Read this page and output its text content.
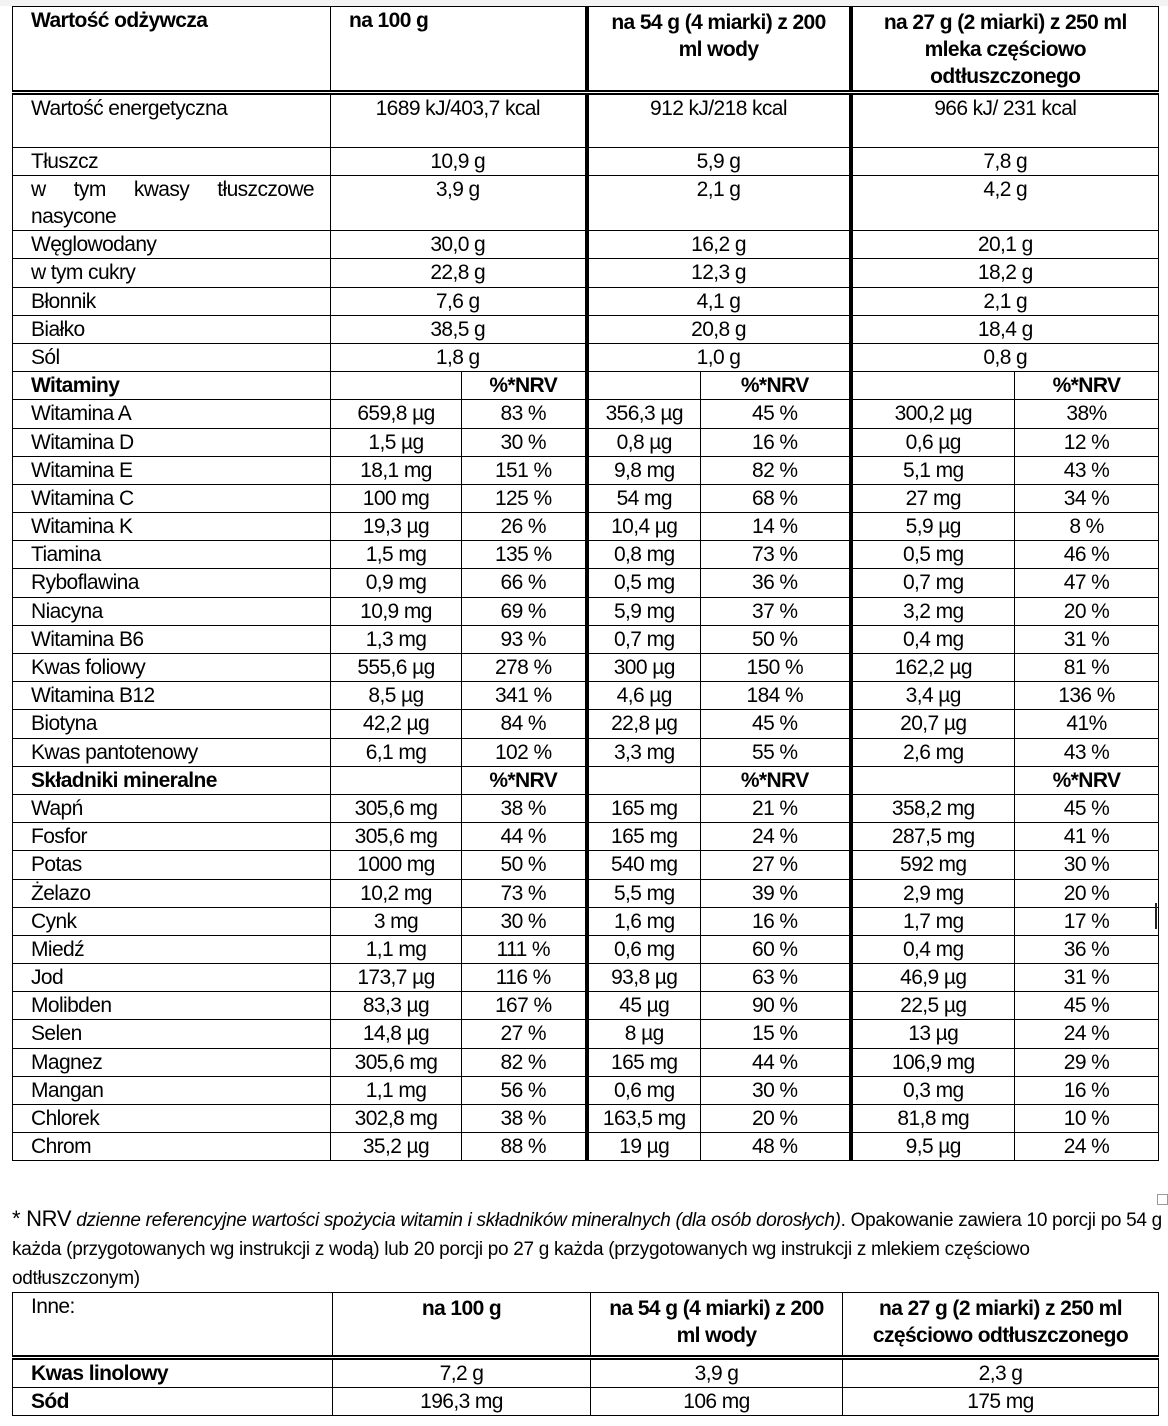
Wartość odżywcza	na 100 g		na 54 g (4 miarki) z 200 ml wody		na 27 g (2 miarki) z 250 ml mleka częściowo odtłuszczonego	
Wartość energetyczna	1689 kJ/403,7 kcal		912 kJ/218 kcal		966 kJ/ 231 kcal	
Tłuszcz	10,9 g		5,9 g		7,8 g	
w tym kwasy tłuszczowe nasycone	3,9 g		2,1 g		4,2 g	
Węglowodany	30,0 g		16,2 g		20,1 g	
w tym cukry	22,8 g		12,3 g		18,2 g	
Błonnik	7,6 g		4,1 g		2,1 g	
Białko	38,5 g		20,8 g		18,4 g	
Sól	1,8 g		1,0 g		0,8 g	
Witaminy		%*NRV		%*NRV		%*NRV
Witamina A	659,8 µg	83 %	356,3 µg	45 %	300,2 µg	38%
Witamina D	1,5 µg	30 %	0,8 µg	16 %	0,6 µg	12 %
Witamina E	18,1 mg	151 %	9,8 mg	82 %	5,1 mg	43 %
Witamina C	100 mg	125 %	54 mg	68 %	27 mg	34 %
Witamina K	19,3 µg	26 %	10,4 µg	14 %	5,9 µg	8 %
Tiamina	1,5 mg	135 %	0,8 mg	73 %	0,5 mg	46 %
Ryboflawina	0,9 mg	66 %	0,5 mg	36 %	0,7 mg	47 %
Niacyna	10,9 mg	69 %	5,9 mg	37 %	3,2 mg	20 %
Witamina B6	1,3 mg	93 %	0,7 mg	50 %	0,4 mg	31 %
Kwas foliowy	555,6 µg	278 %	300 µg	150 %	162,2 µg	81 %
Witamina B12	8,5 µg	341 %	4,6 µg	184 %	3,4 µg	136 %
Biotyna	42,2 µg	84 %	22,8 µg	45 %	20,7 µg	41%
Kwas pantotenowy	6,1 mg	102 %	3,3 mg	55 %	2,6 mg	43 %
Składniki mineralne		%*NRV		%*NRV		%*NRV
Wapń	305,6 mg	38 %	165 mg	21 %	358,2 mg	45 %
Fosfor	305,6 mg	44 %	165 mg	24 %	287,5 mg	41 %
Potas	1000 mg	50 %	540 mg	27 %	592 mg	30 %
Żelazo	10,2 mg	73 %	5,5 mg	39 %	2,9 mg	20 %
Cynk	3 mg	30 %	1,6 mg	16 %	1,7 mg	17 %
Miedź	1,1 mg	111 %	0,6 mg	60 %	0,4 mg	36 %
Jod	173,7 µg	116 %	93,8 µg	63 %	46,9 µg	31 %
Molibden	83,3 µg	167 %	45 µg	90 %	22,5 µg	45 %
Selen	14,8 µg	27 %	8 µg	15 %	13 µg	24 %
Magnez	305,6 mg	82 %	165 mg	44 %	106,9 mg	29 %
Mangan	1,1 mg	56 %	0,6 mg	30 %	0,3 mg	16 %
Chlorek	302,8 mg	38 %	163,5 mg	20 %	81,8 mg	10 %
Chrom	35,2 µg	88 %	19 µg	48 %	9,5 µg	24 %
* NRV dzienne referencyjne wartości spożycia witamin i składników mineralnych (dla osób dorosłych). Opakowanie zawiera 10 porcji po 54 g każda (przygotowanych wg instrukcji z wodą) lub 20 porcji po 27 g każda (przygotowanych wg instrukcji z mlekiem częściowo odtłuszczonym)
Inne:	na 100 g	na 54 g (4 miarki) z 200 ml wody	na 27 g (2 miarki) z 250 ml częściowo odtłuszczonego
Kwas linolowy	7,2 g	3,9 g	2,3 g
Sód	196,3 mg	106 mg	175 mg
